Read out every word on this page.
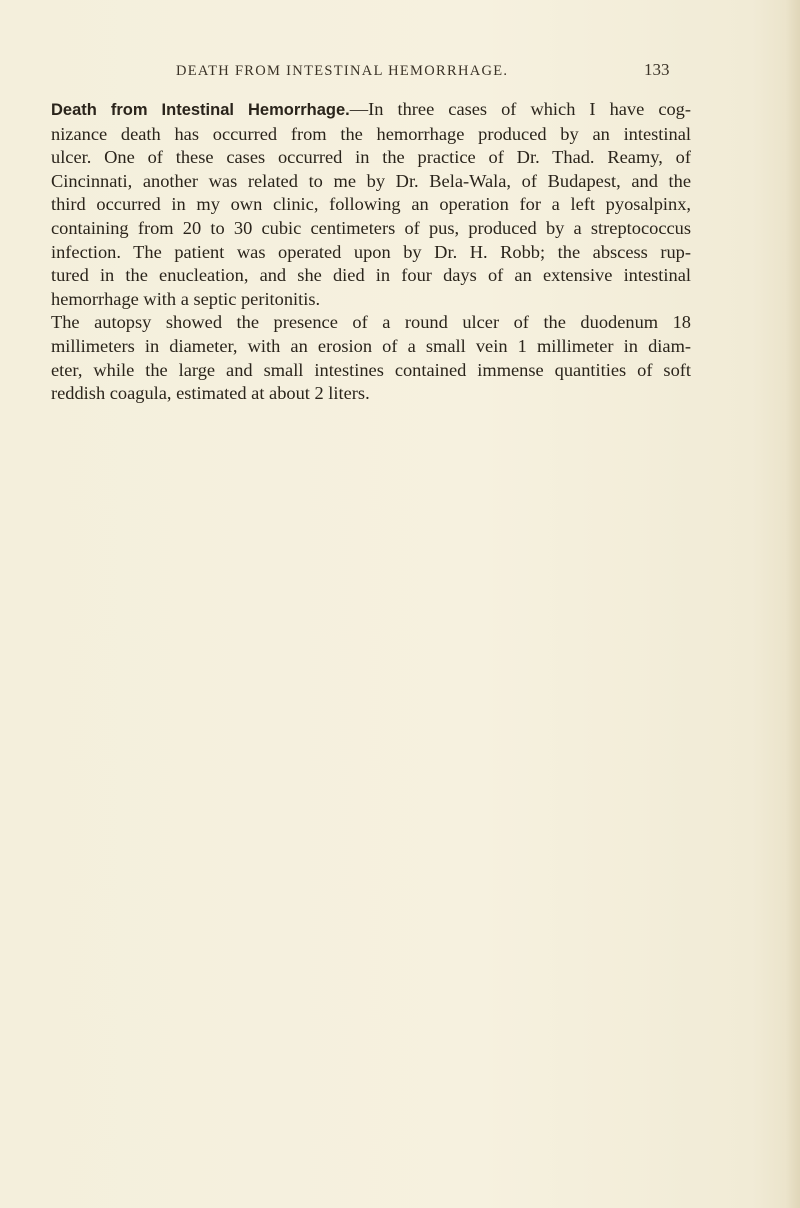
DEATH FROM INTESTINAL HEMORRHAGE.	133
Death from Intestinal Hemorrhage.—In three cases of which I have cog-
nizance death has occurred from the hemorrhage produced by an intestinal
ulcer. One of these cases occurred in the practice of Dr. Thad. Reamy, of
Cincinnati, another was related to me by Dr. Bela-Wala, of Budapest, and the
third occurred in my own clinic, following an operation for a left pyosalpinx,
containing from 20 to 30 cubic centimeters of pus, produced by a streptococcus
infection. The patient was operated upon by Dr. H. Robb; the abscess rup-
tured in the enucleation, and she died in four days of an extensive intestinal
hemorrhage with a septic peritonitis.
The autopsy showed the presence of a round ulcer of the duodenum 18
millimeters in diameter, with an erosion of a small vein 1 millimeter in diam-
eter, while the large and small intestines contained immense quantities of soft
reddish coagula, estimated at about 2 liters.
